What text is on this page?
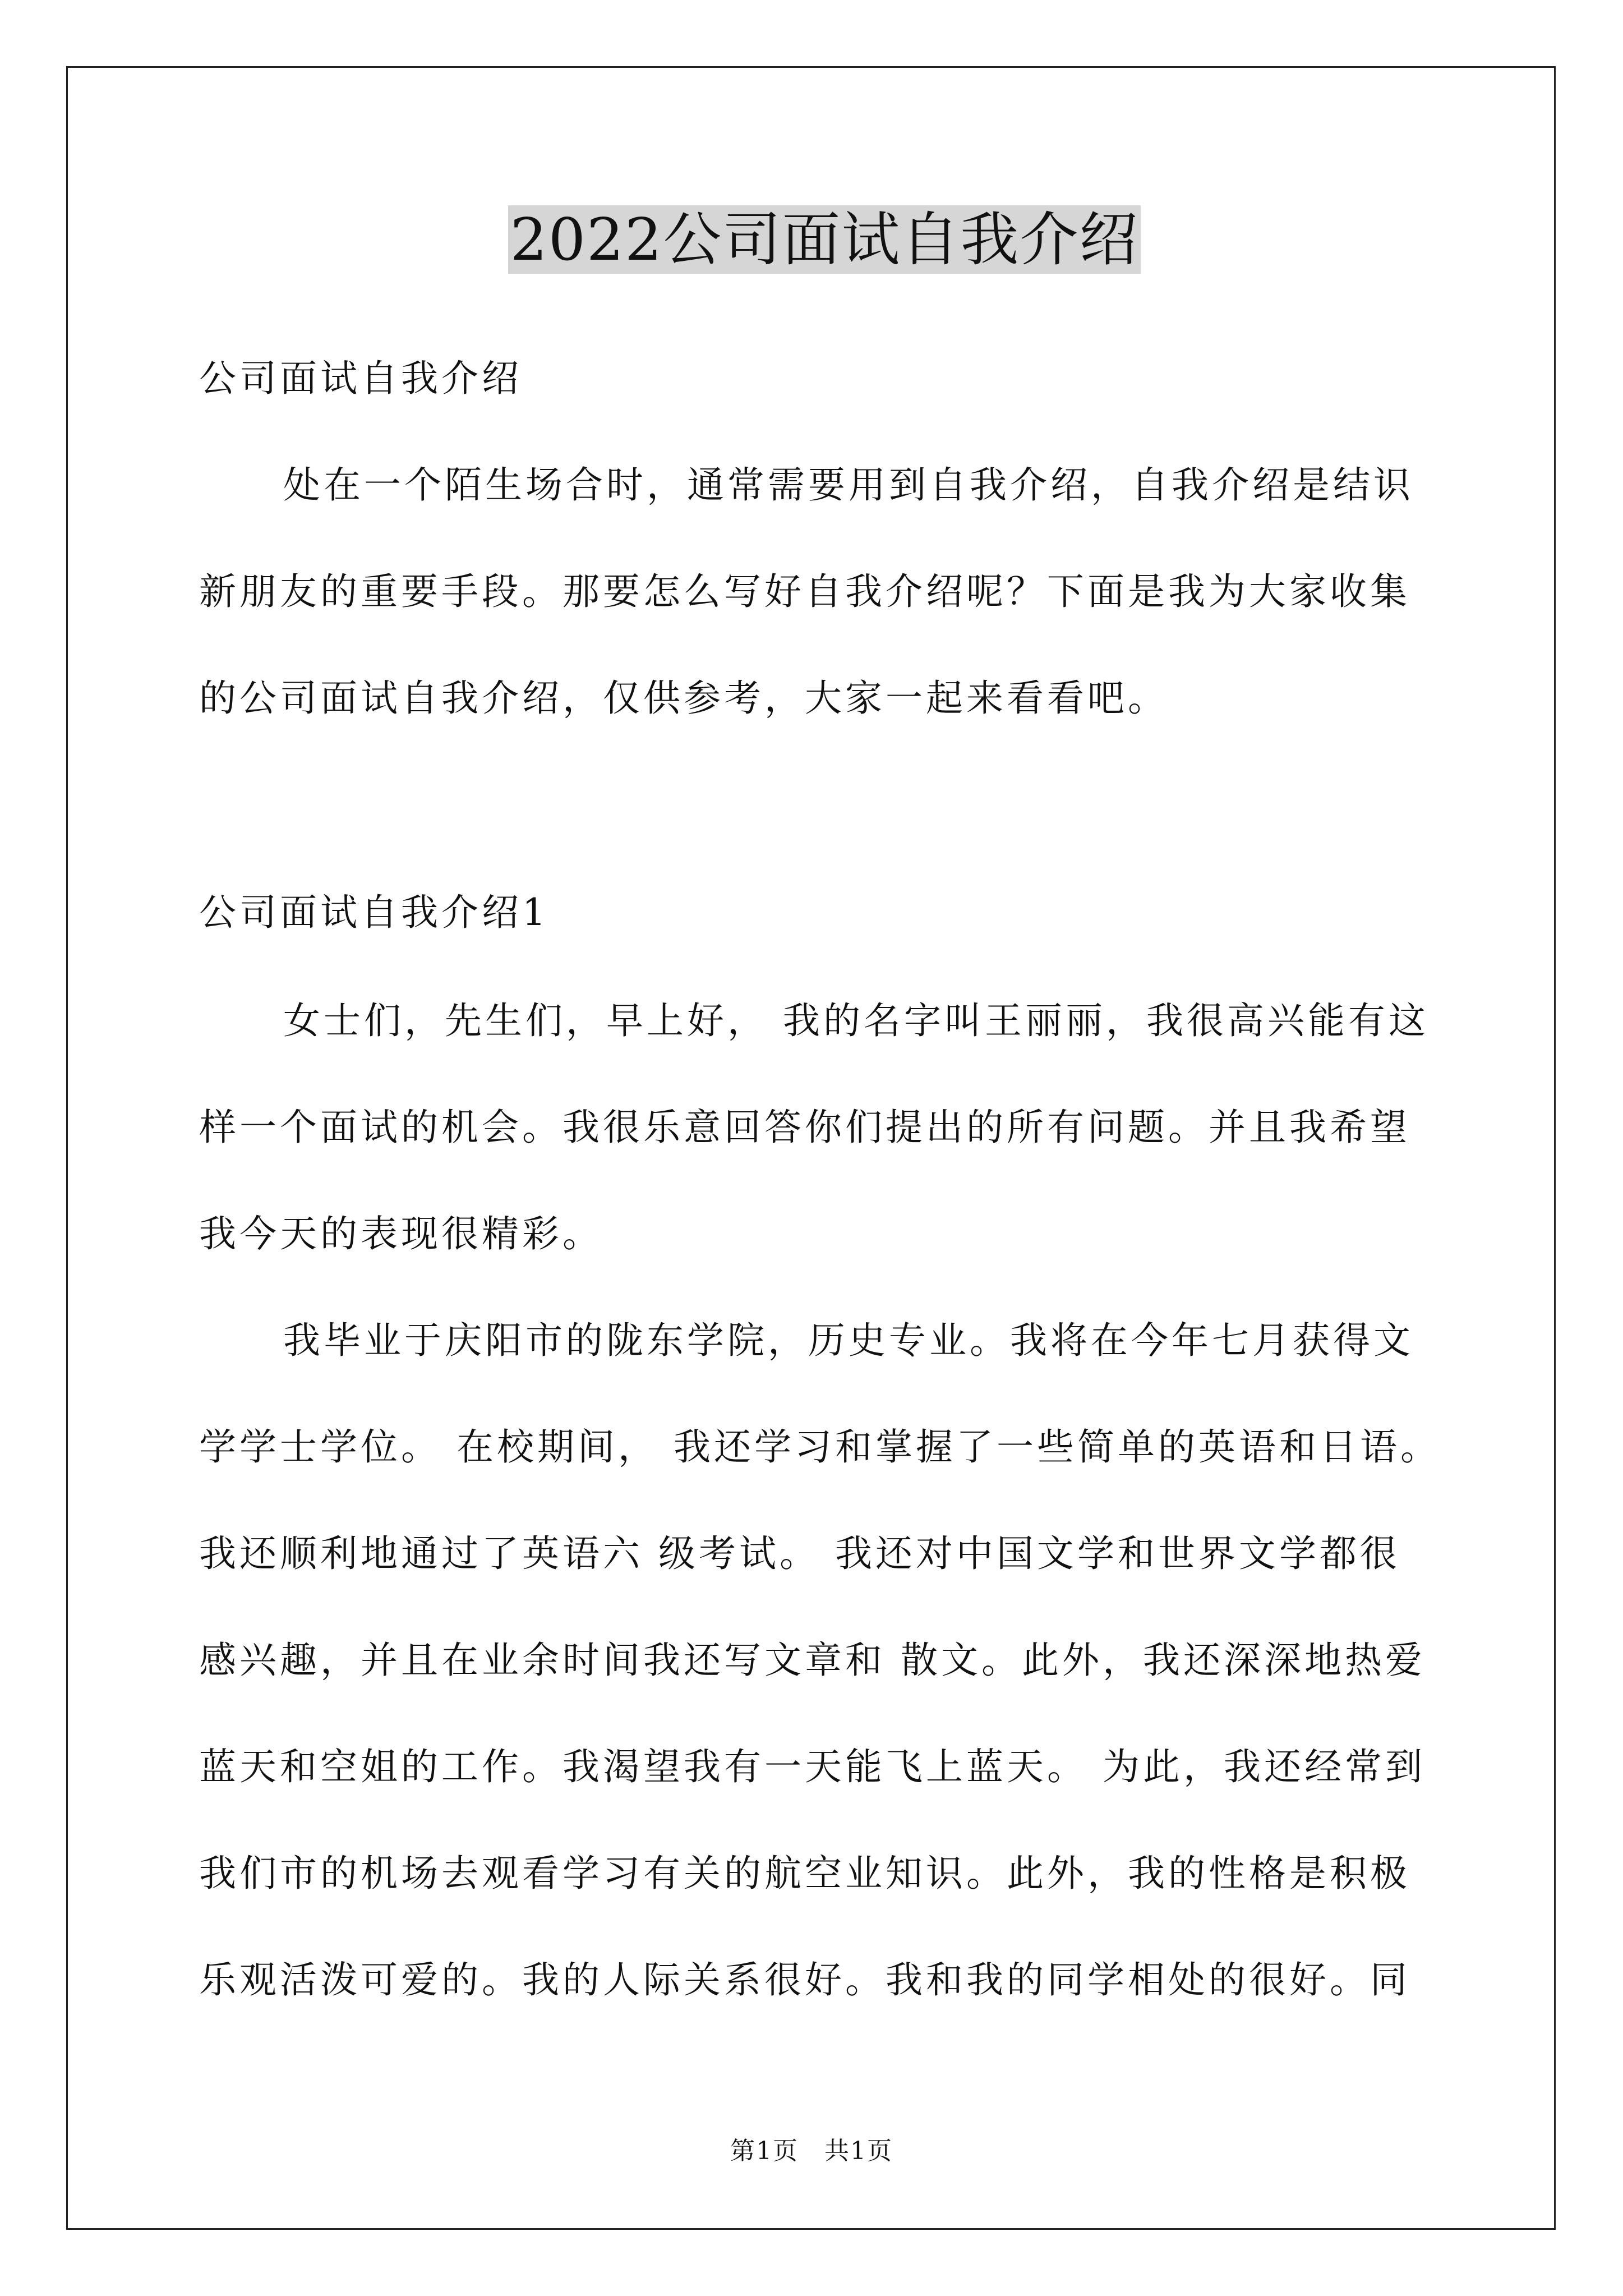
2022公司面试自我介绍
公司面试自我介绍
处在一个陌生场合时，通常需要用到自我介绍，自我介绍是结识
新朋友的重要手段。那要怎么写好自我介绍呢？下面是我为大家收集
的公司面试自我介绍，仅供参考，大家一起来看看吧。
公司面试自我介绍1
女士们，先生们，早上好， 我的名字叫王丽丽，我很高兴能有这
样一个面试的机会。我很乐意回答你们提出的所有问题。并且我希望
我今天的表现很精彩。
我毕业于庆阳市的陇东学院，历史专业。我将在今年七月获得文
学学士学位。 在校期间， 我还学习和掌握了一些简单的英语和日语。
我还顺利地通过了英语六 级考试。 我还对中国文学和世界文学都很
感兴趣，并且在业余时间我还写文章和 散文。此外，我还深深地热爱
蓝天和空姐的工作。我渴望我有一天能飞上蓝天。 为此，我还经常到
我们市的机场去观看学习有关的航空业知识。此外，我的性格是积极
乐观活泼可爱的。我的人际关系很好。我和我的同学相处的很好。同
第1页　共1页
